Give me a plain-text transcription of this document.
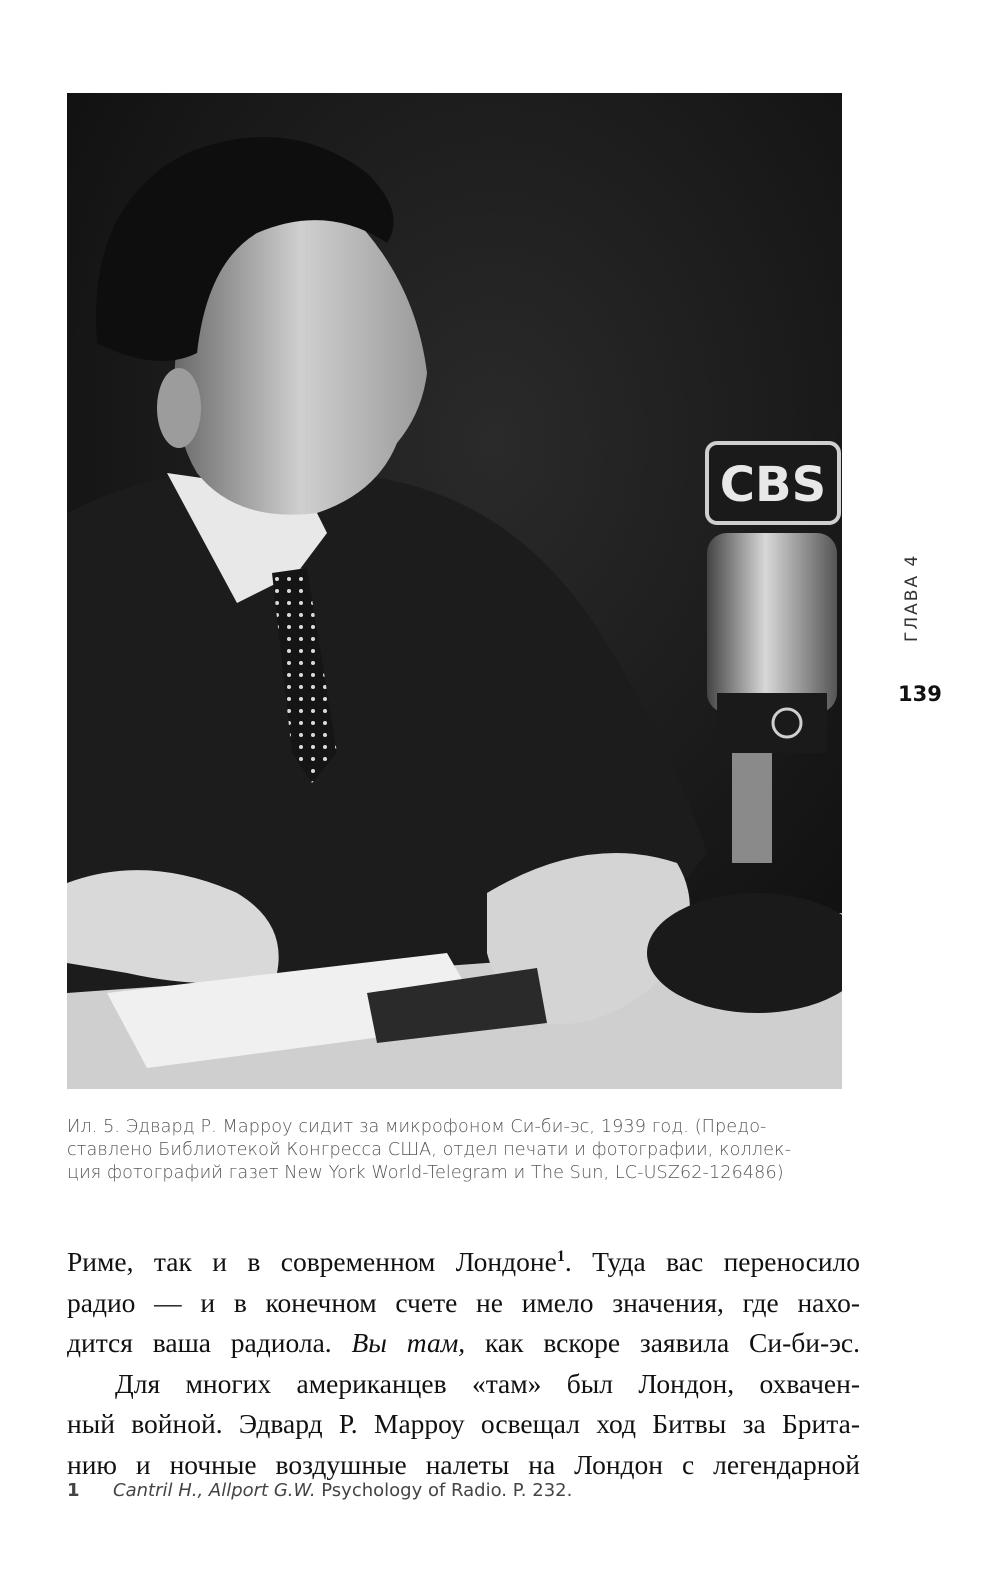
CBS

Ил. 5. Эдвард Р. Марроу сидит за микрофоном Си-би-эс, 1939 год. (Предо-

ставлено Библиотекой Конгресса США, отдел печати и фотографии, коллек-

ция фотографий газет New York World-Telegram и The Sun, LC-USZ62-126486)

ГЛАВА 4
139

Риме, так и в современном Лондоне$^1$. Туда вас переносило
радио — и в конечном счете не имело значения, где нахо-
дится ваша радиола. Вы там, как вскоре заявила Си-би-эс.

Для многих американцев «там» был Лондон, охвачен-
ный войной. Эдвард Р. Марроу освещал ход Битвы за Брита-
нию и ночные воздушные налеты на Лондон с легендарной

1 Cantril H., Allport G.W. Psychology of Radio. P. 232.
